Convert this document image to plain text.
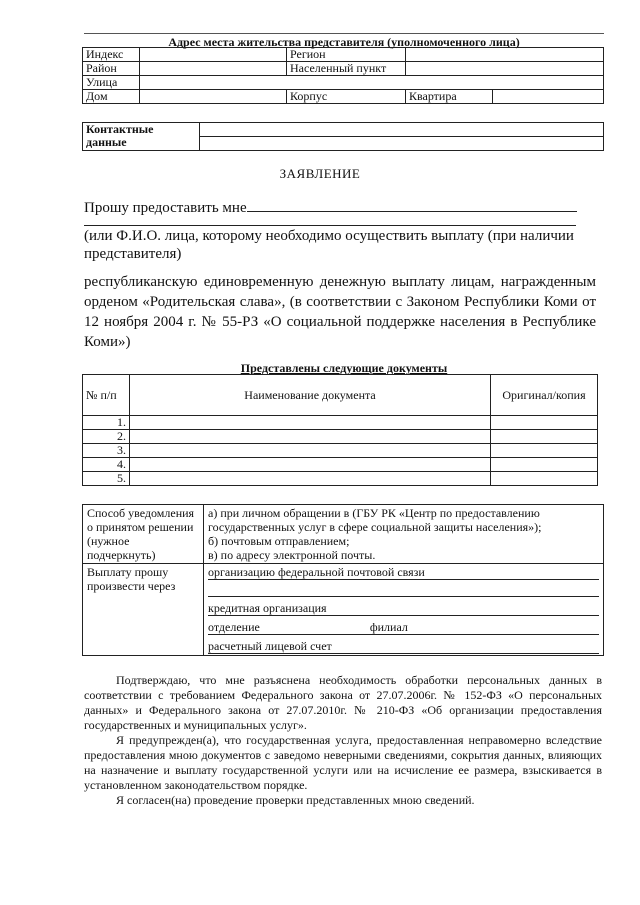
Адрес места жительства представителя (уполномоченного лица)
Индекс		Регион		
Район		Населенный пункт		
Улица				
Дом		Корпус	Квартира	
Контактные
данные	

ЗАЯВЛЕНИЕ
Прошу предоставить мне
(или Ф.И.О. лица, которому необходимо осуществить выплату (при наличии представителя)
республиканскую единовременную денежную выплату лицам, награжденным орденом «Родительская слава», (в соответствии с Законом Республики Коми от 12 ноября 2004 г. № 55-РЗ «О социальной поддержке населения в Республике Коми»)
Представлены следующие документы
№ п/п	Наименование документа	Оригинал/копия
1.		
2.		
3.		
4.		
5.		
Способ уведомления о принятом решении (нужное подчеркнуть)	а) при личном обращении в (ГБУ РК «Центр по предоставлению государственных услуг в сфере социальной защиты населения»);
б) почтовым отправлением;
в) по адресу электронной почты.

Выплату прошу произвести через	организацию федеральной почтовой связи
кредитная организация
отделение филиал
расчетный лицевой счет

Подтверждаю, что мне разъяснена необходимость обработки персональных данных в соответствии с требованием Федерального закона от 27.07.2006г. № 152-ФЗ «О персональных данных» и Федерального закона от 27.07.2010г. № 210-ФЗ «Об организации предоставления государственных и муниципальных услуг».

Я предупрежден(а), что государственная услуга, предоставленная неправомерно вследствие предоставления мною документов с заведомо неверными сведениями, сокрытия данных, влияющих на назначение и выплату государственной услуги или на исчисление ее размера, взыскивается в установленном законодательством порядке.

Я согласен(на) проведение проверки представленных мною сведений.
